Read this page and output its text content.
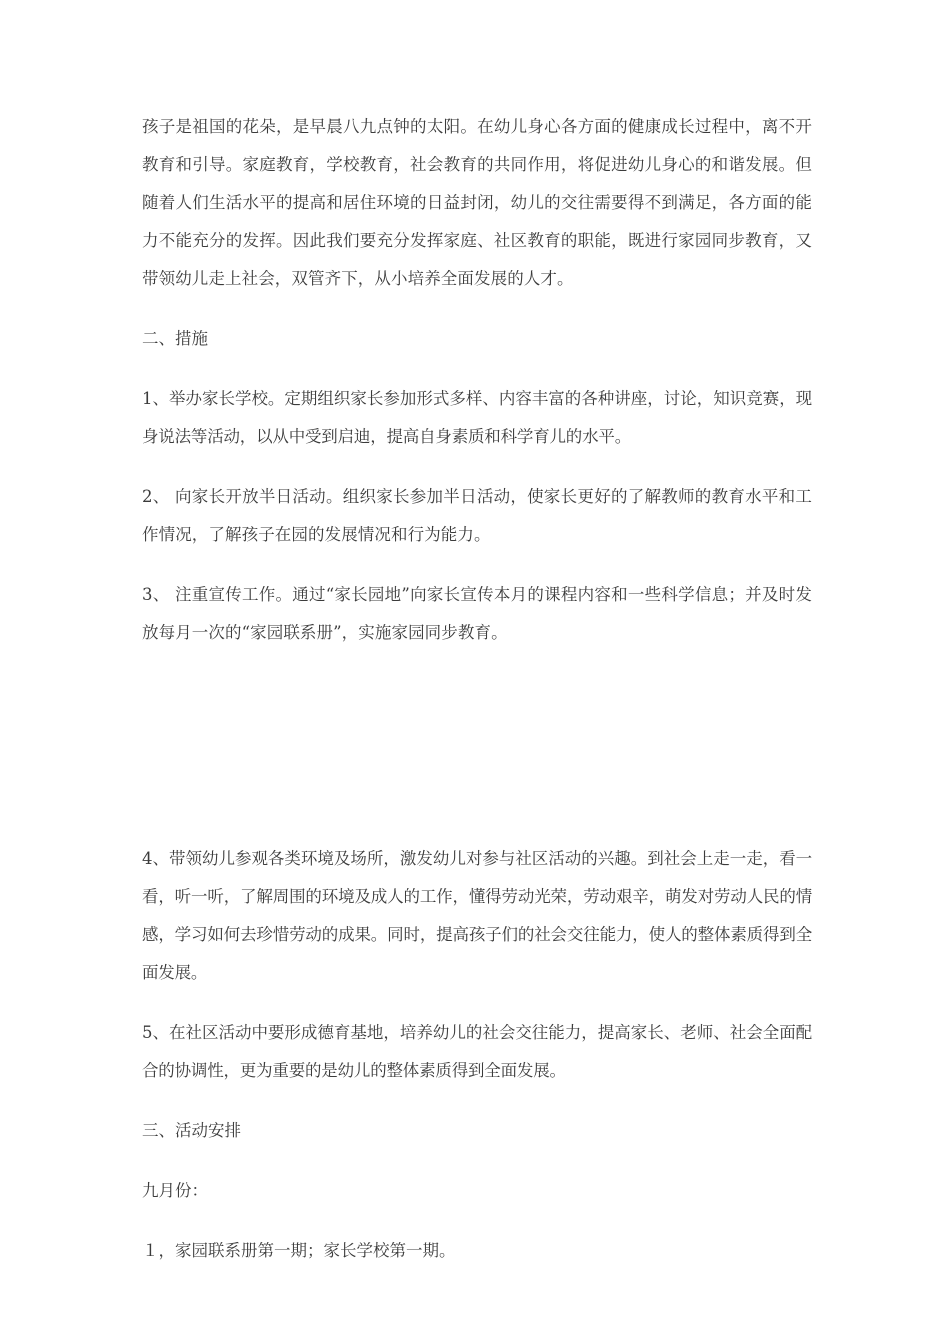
孩子是祖国的花朵，是早晨八九点钟的太阳。在幼儿身心各方面的健康成长过程中，离不开教育和引导。家庭教育，学校教育，社会教育的共同作用，将促进幼儿身心的和谐发展。但随着人们生活水平的提高和居住环境的日益封闭，幼儿的交往需要得不到满足，各方面的能力不能充分的发挥。因此我们要充分发挥家庭、社区教育的职能，既进行家园同步教育，又带领幼儿走上社会，双管齐下，从小培养全面发展的人才。

二、措施

1、举办家长学校。定期组织家长参加形式多样、内容丰富的各种讲座，讨论，知识竞赛，现身说法等活动，以从中受到启迪，提高自身素质和科学育儿的水平。

2、 向家长开放半日活动。组织家长参加半日活动，使家长更好的了解教师的教育水平和工作情况，了解孩子在园的发展情况和行为能力。

3、 注重宣传工作。通过“家长园地”向家长宣传本月的课程内容和一些科学信息；并及时发放每月一次的“家园联系册”，实施家园同步教育。

4、带领幼儿参观各类环境及场所，激发幼儿对参与社区活动的兴趣。到社会上走一走，看一看，听一听，了解周围的环境及成人的工作，懂得劳动光荣，劳动艰辛，萌发对劳动人民的情感，学习如何去珍惜劳动的成果。同时，提高孩子们的社会交往能力，使人的整体素质得到全面发展。

5、在社区活动中要形成德育基地，培养幼儿的社会交往能力，提高家长、老师、社会全面配合的协调性，更为重要的是幼儿的整体素质得到全面发展。

三、活动安排

九月份：

１，家园联系册第一期；家长学校第一期。
